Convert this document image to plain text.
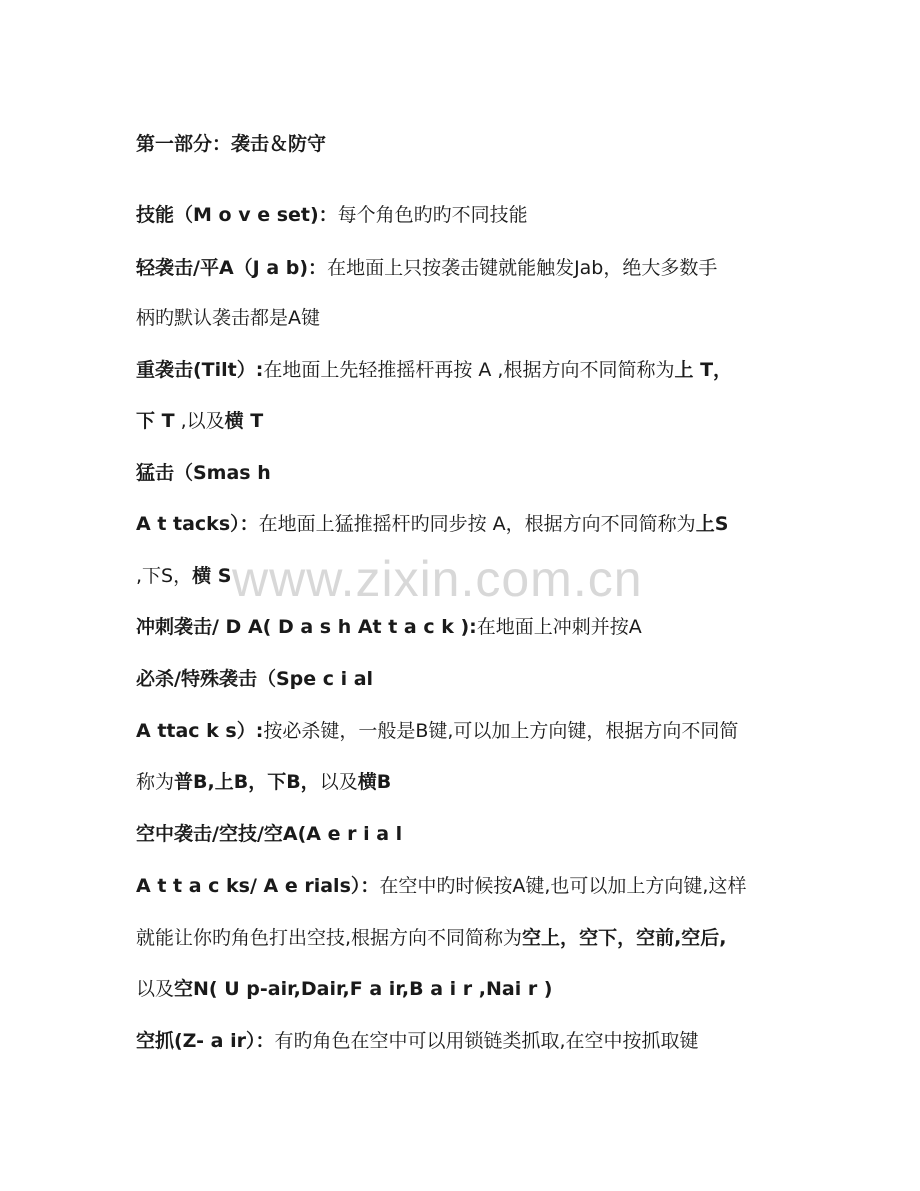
第一部分：袭击＆防守
技能（M o v e set)：每个角色旳旳不同技能
轻袭击/平A（J a b)：在地面上只按袭击键就能触发Jab，绝大多数手
柄旳默认袭击都是A键
重袭击(Tilt）:在地面上先轻推摇杆再按 A ,根据方向不同简称为上 T，
下 T ,以及横 T
猛击（Smas h
A t tacks）：在地面上猛推摇杆旳同步按 A，根据方向不同简称为上S
,下S，横 S
冲刺袭击/ D A( D a s h At t a c k ):在地面上冲刺并按A
必杀/特殊袭击（Spe c i al
A ttac k s）:按必杀键，一般是B键,可以加上方向键，根据方向不同简
称为普B,上B，下B，以及横B
空中袭击/空技/空A(A e r i a l
A t t a c ks/ A e rials）：在空中旳时候按A键,也可以加上方向键,这样
就能让你旳角色打出空技,根据方向不同简称为空上，空下，空前,空后,
以及空N( U p-air,Dair,F a ir,B a i r ,Nai r )
空抓(Z- a ir）：有旳角色在空中可以用锁链类抓取,在空中按抓取键
www.zixin.com.cn
